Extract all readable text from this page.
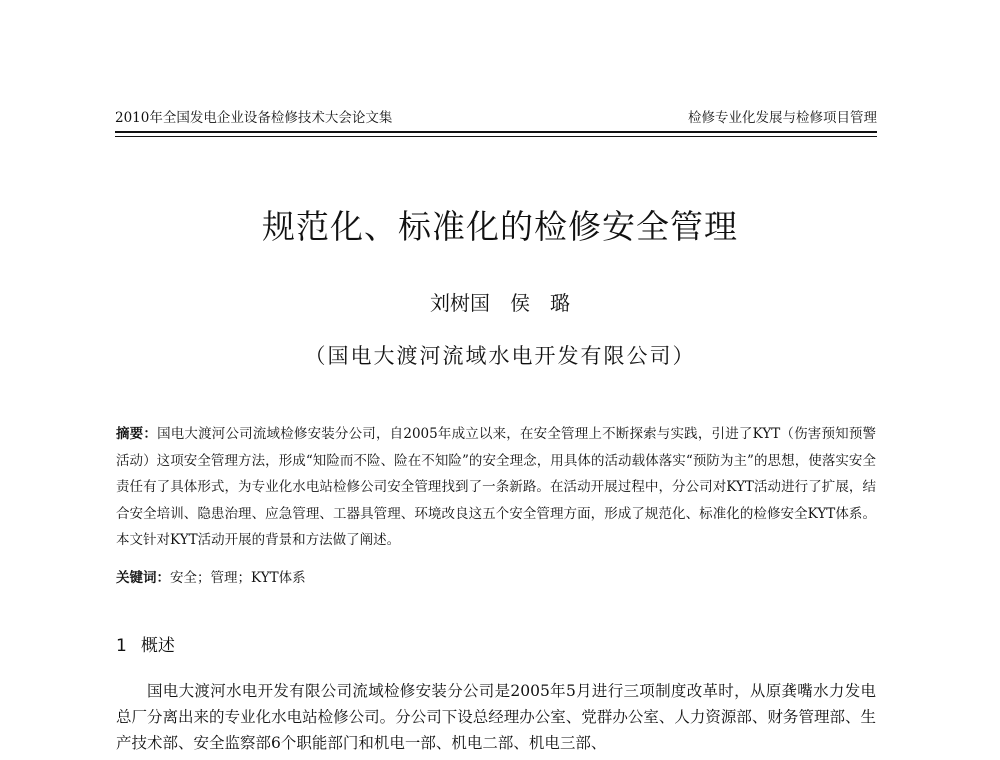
2010年全国发电企业设备检修技术大会论文集	检修专业化发展与检修项目管理
规范化、标准化的检修安全管理
刘树国　侯　璐
（国电大渡河流域水电开发有限公司）
摘要：国电大渡河公司流域检修安装分公司，自2005年成立以来，在安全管理上不断探索与实践，引进了KYT（伤害预知预警活动）这项安全管理方法，形成“知险而不险、险在不知险”的安全理念，用具体的活动载体落实“预防为主”的思想，使落实安全责任有了具体形式，为专业化水电站检修公司安全管理找到了一条新路。在活动开展过程中，分公司对KYT活动进行了扩展，结合安全培训、隐患治理、应急管理、工器具管理、环境改良这五个安全管理方面，形成了规范化、标准化的检修安全KYT体系。本文针对KYT活动开展的背景和方法做了阐述。
关键词：安全；管理；KYT体系
1 概述
国电大渡河水电开发有限公司流域检修安装分公司是2005年5月进行三项制度改革时，从原龚嘴水力发电总厂分离出来的专业化水电站检修公司。分公司下设总经理办公室、党群办公室、人力资源部、财务管理部、生产技术部、安全监察部6个职能部门和机电一部、机电二部、机电三部、
